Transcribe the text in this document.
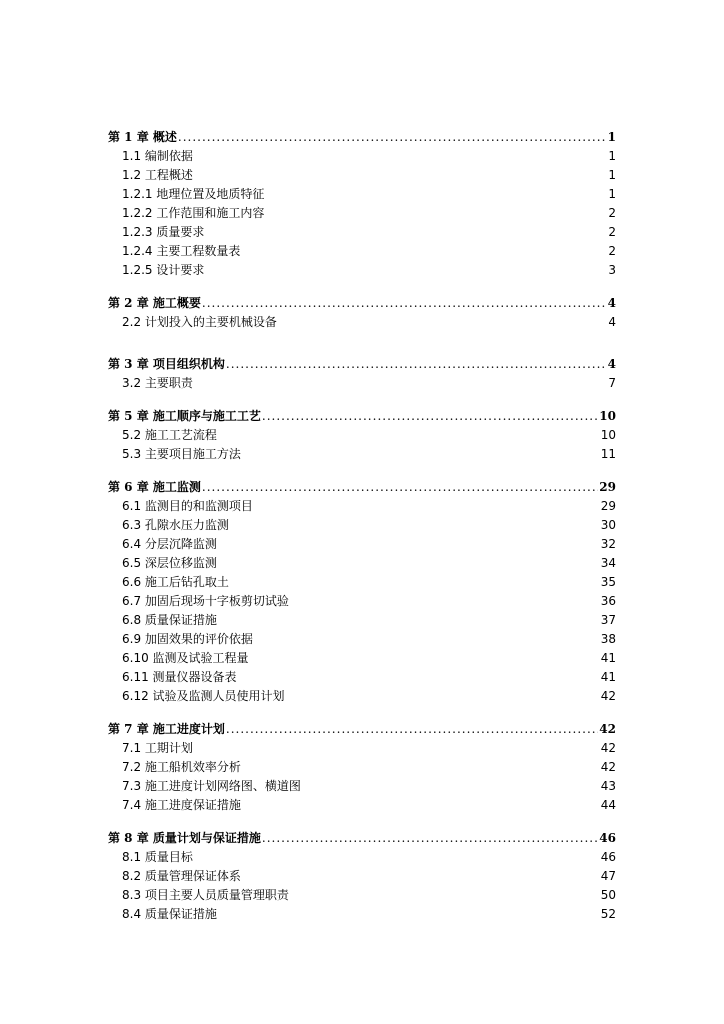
第 1 章 概述 .....	1
1.1 编制依据	1
1.2 工程概述	1
1.2.1 地理位置及地质特征	1
1.2.2 工作范围和施工内容	2
1.2.3 质量要求	2
1.2.4 主要工程数量表	2
1.2.5 设计要求	3
第 2 章 施工概要 .....	4
2.2 计划投入的主要机械设备	4
第 3 章 项目组织机构 .....	4
3.2 主要职责	7
第 5 章 施工顺序与施工工艺 .....	10
5.2 施工工艺流程	10
5.3 主要项目施工方法	11
第 6 章 施工监测 .....	29
6.1 监测目的和监测项目	29
6.3 孔隙水压力监测	30
6.4 分层沉降监测	32
6.5 深层位移监测	34
6.6 施工后钻孔取土	35
6.7 加固后现场十字板剪切试验	36
6.8 质量保证措施	37
6.9 加固效果的评价依据	38
6.10 监测及试验工程量	41
6.11 测量仪器设备表	41
6.12 试验及监测人员使用计划	42
第 7 章 施工进度计划 .....	42
7.1 工期计划	42
7.2 施工船机效率分析	42
7.3 施工进度计划网络图、横道图	43
7.4 施工进度保证措施	44
第 8 章 质量计划与保证措施 .....	46
8.1 质量目标	46
8.2 质量管理保证体系	47
8.3 项目主要人员质量管理职责	50
8.4 质量保证措施	52
